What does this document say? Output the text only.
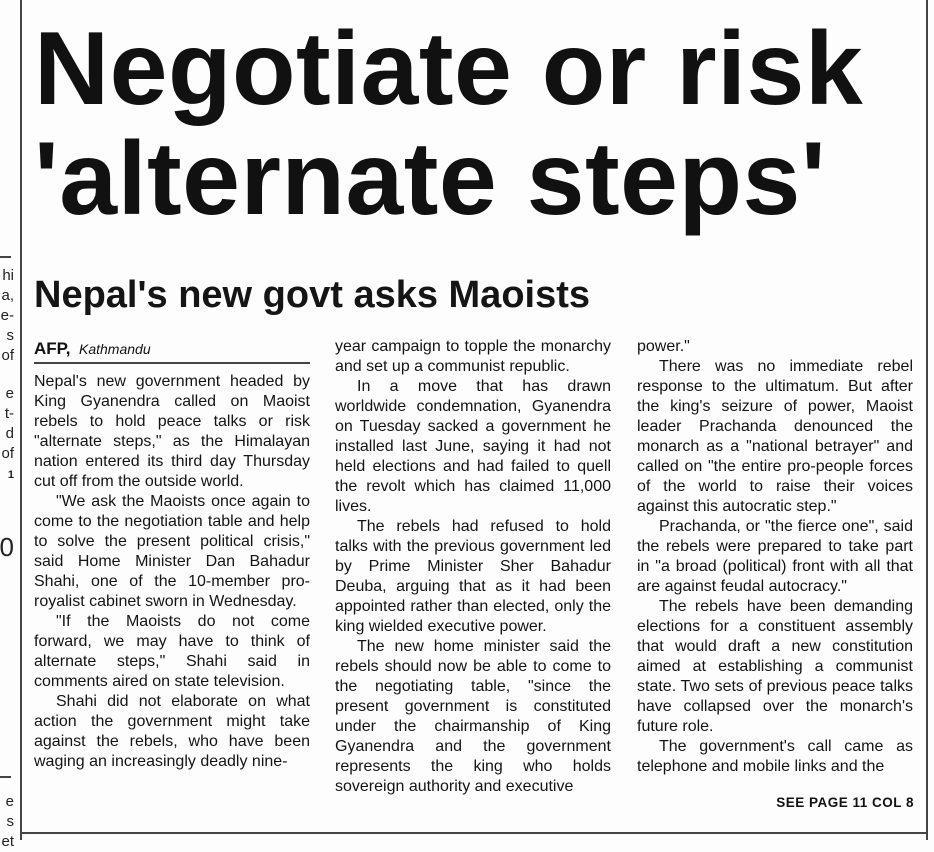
hi
a,
e-
s
of
e
t-
d
of
1
0
e
s
et
Negotiate or risk 'alternate steps'
Nepal's new govt asks Maoists
AFP, Kathmandu

Nepal's new government headed by King Gyanendra called on Maoist rebels to hold peace talks or risk "alternate steps," as the Himalayan nation entered its third day Thursday cut off from the outside world.

"We ask the Maoists once again to come to the negotiation table and help to solve the present political crisis," said Home Minister Dan Bahadur Shahi, one of the 10-member pro-royalist cabinet sworn in Wednesday.

"If the Maoists do not come forward, we may have to think of alternate steps," Shahi said in comments aired on state television.

Shahi did not elaborate on what action the government might take against the rebels, who have been waging an increasingly deadly nine-

year campaign to topple the monarchy and set up a communist republic.

In a move that has drawn worldwide condemnation, Gyanendra on Tuesday sacked a government he installed last June, saying it had not held elections and had failed to quell the revolt which has claimed 11,000 lives.

The rebels had refused to hold talks with the previous government led by Prime Minister Sher Bahadur Deuba, arguing that as it had been appointed rather than elected, only the king wielded executive power.

The new home minister said the rebels should now be able to come to the negotiating table, "since the present government is constituted under the chairmanship of King Gyanendra and the government represents the king who holds sovereign authority and executive

power."

There was no immediate rebel response to the ultimatum. But after the king's seizure of power, Maoist leader Prachanda denounced the monarch as a "national betrayer" and called on "the entire pro-people forces of the world to raise their voices against this autocratic step."

Prachanda, or "the fierce one", said the rebels were prepared to take part in "a broad (political) front with all that are against feudal autocracy."

The rebels have been demanding elections for a constituent assembly that would draft a new constitution aimed at establishing a communist state. Two sets of previous peace talks have collapsed over the monarch's future role.

The government's call came as telephone and mobile links and the

SEE PAGE 11 COL 8
